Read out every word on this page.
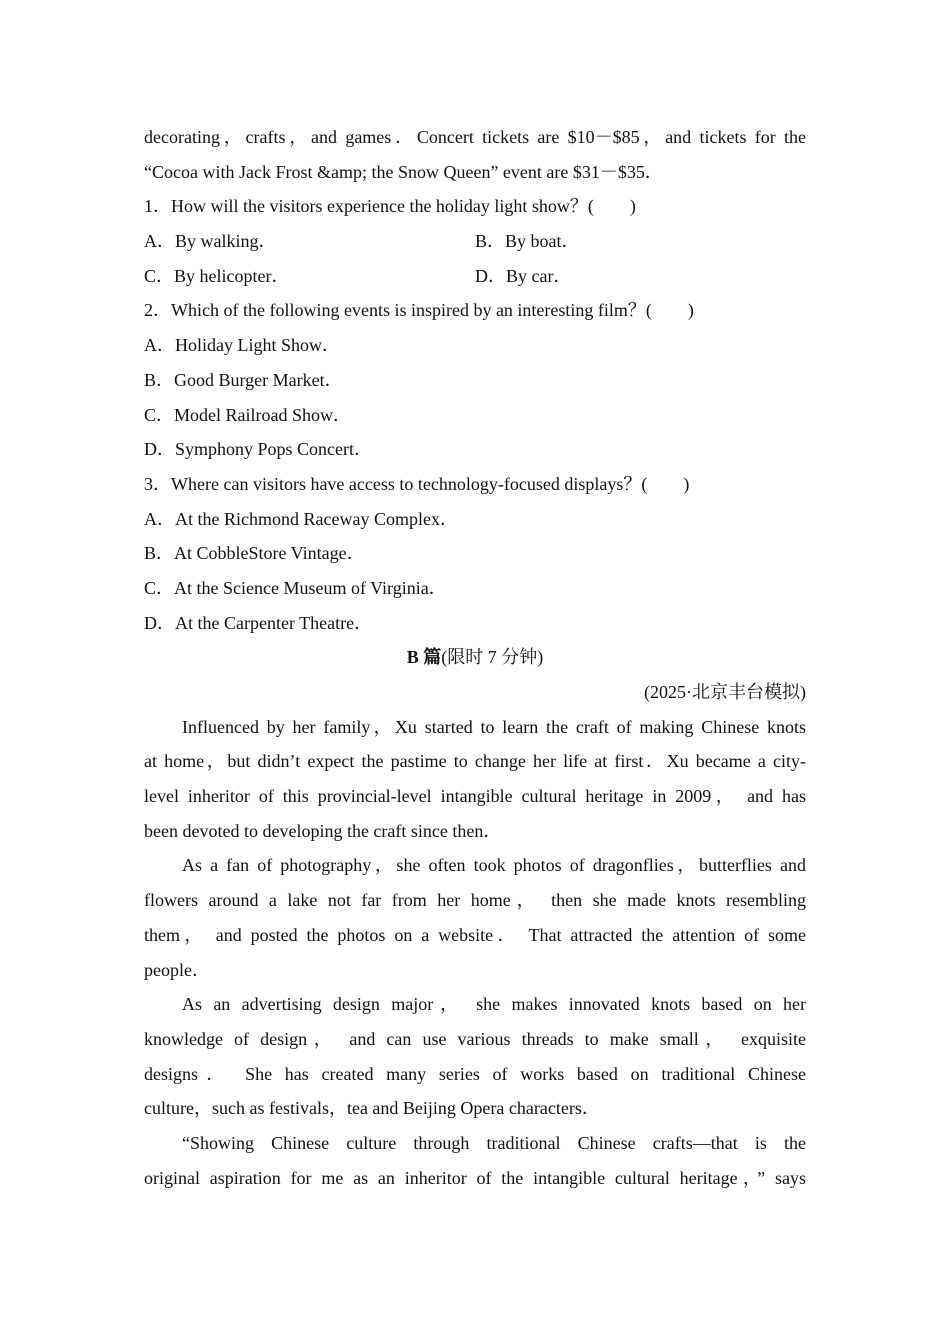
decorating，crafts，and games．Concert tickets are $10－$85，and tickets for the
“Cocoa with Jack Frost &amp; the Snow Queen” event are $31－$35．
1．How will the visitors experience the holiday light show？(　　)
A．By walking．	B．By boat．
C．By helicopter．	D．By car．
2．Which of the following events is inspired by an interesting film？(　　)
A．Holiday Light Show．
B．Good Burger Market．
C．Model Railroad Show．
D．Symphony Pops Concert．
3．Where can visitors have access to technology-focused displays？(　　)
A．At the Richmond Raceway Complex．
B．At CobbleStore Vintage．
C．At the Science Museum of Virginia．
D．At the Carpenter Theatre．
B 篇(限时 7 分钟)
(2025·北京丰台模拟)
Influenced by her family，Xu started to learn the craft of making Chinese knots
at home，but didn’t expect the pastime to change her life at first．Xu became a city-
level inheritor of this provincial-level intangible cultural heritage in 2009， and has
been devoted to developing the craft since then．
As a fan of photography，she often took photos of dragonflies，butterflies and
flowers around a lake not far from her home， then she made knots resembling
them， and posted the photos on a website． That attracted the attention of some
people．
As an advertising design major， she makes innovated knots based on her
knowledge of design， and can use various threads to make small， exquisite
designs． She has created many series of works based on traditional Chinese
culture，such as festivals，tea and Beijing Opera characters．
“Showing Chinese culture through traditional Chinese crafts—that is the
original aspiration for me as an inheritor of the intangible cultural heritage，” says
